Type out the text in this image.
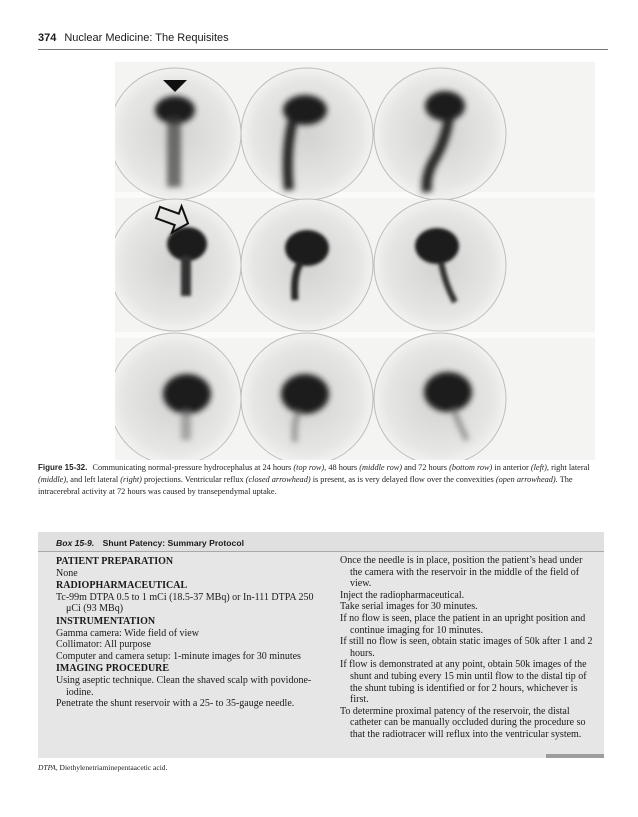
374 Nuclear Medicine: The Requisites
Figure 15-32. Communicating normal-pressure hydrocephalus at 24 hours (top row), 48 hours (middle row) and 72 hours (bottom row) in anterior (left), right lateral (middle), and left lateral (right) projections. Ventricular reflux (closed arrowhead) is present, as is very delayed flow over the convexities (open arrowhead). The intracerebral activity at 72 hours was caused by transependymal uptake.
Box 15-9. Shunt Patency: Summary Protocol
PATIENT PREPARATION
None
RADIOPHARMACEUTICAL
Tc-99m DTPA 0.5 to 1 mCi (18.5-37 MBq) or In-111 DTPA 250 μCi (93 MBq)
INSTRUMENTATION
Gamma camera: Wide field of view
Collimator: All purpose
Computer and camera setup: 1-minute images for 30 minutes
IMAGING PROCEDURE
Using aseptic technique. Clean the shaved scalp with povidone-iodine.
Penetrate the shunt reservoir with a 25- to 35-gauge needle.
Once the needle is in place, position the patient’s head under the camera with the reservoir in the middle of the field of view.
Inject the radiopharmaceutical.
Take serial images for 30 minutes.
If no flow is seen, place the patient in an upright position and continue imaging for 10 minutes.
If still no flow is seen, obtain static images of 50k after 1 and 2 hours.
If flow is demonstrated at any point, obtain 50k images of the shunt and tubing every 15 min until flow to the distal tip of the shunt tubing is identified or for 2 hours, whichever is first.
To determine proximal patency of the reservoir, the distal catheter can be manually occluded during the procedure so that the radiotracer will reflux into the ventricular system.
DTPA, Diethylenetriaminepentaacetic acid.
